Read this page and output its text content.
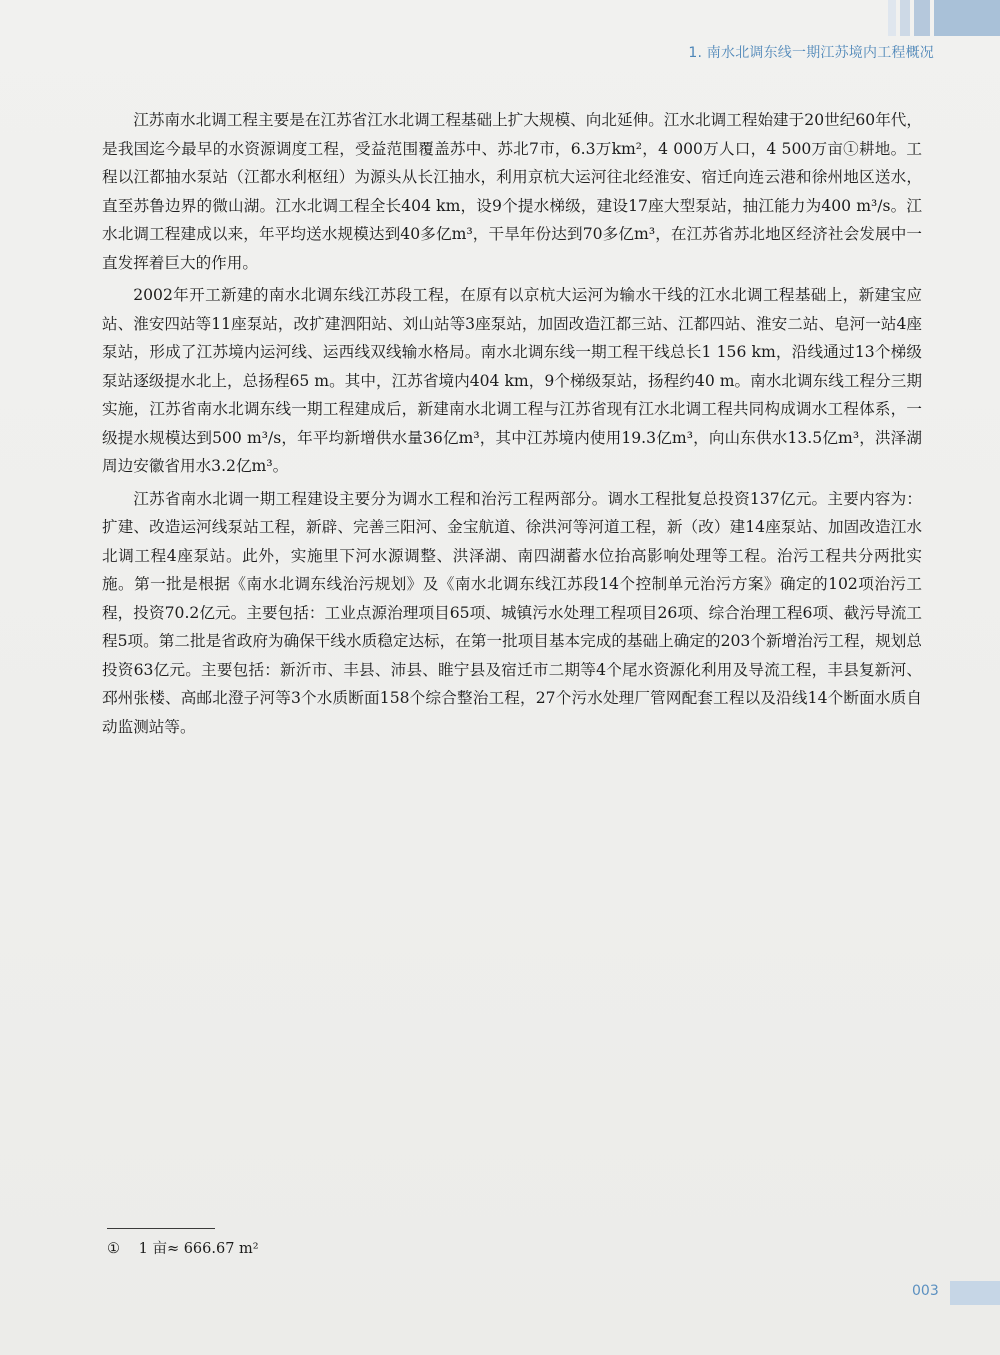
1. 南水北调东线一期江苏境内工程概况

江苏南水北调工程主要是在江苏省江水北调工程基础上扩大规模、向北延伸。江水北调工程始建于20世纪60年代，是我国迄今最早的水资源调度工程，受益范围覆盖苏中、苏北7市，6.3万km²，4 000万人口，4 500万亩①耕地。工程以江都抽水泵站（江都水利枢纽）为源头从长江抽水，利用京杭大运河往北经淮安、宿迁向连云港和徐州地区送水，直至苏鲁边界的微山湖。江水北调工程全长404 km，设9个提水梯级，建设17座大型泵站，抽江能力为400 m³/s。江水北调工程建成以来，年平均送水规模达到40多亿m³，干旱年份达到70多亿m³，在江苏省苏北地区经济社会发展中一直发挥着巨大的作用。

2002年开工新建的南水北调东线江苏段工程，在原有以京杭大运河为输水干线的江水北调工程基础上，新建宝应站、淮安四站等11座泵站，改扩建泗阳站、刘山站等3座泵站，加固改造江都三站、江都四站、淮安二站、皂河一站4座泵站，形成了江苏境内运河线、运西线双线输水格局。南水北调东线一期工程干线总长1 156 km，沿线通过13个梯级泵站逐级提水北上，总扬程65 m。其中，江苏省境内404 km，9个梯级泵站，扬程约40 m。南水北调东线工程分三期实施，江苏省南水北调东线一期工程建成后，新建南水北调工程与江苏省现有江水北调工程共同构成调水工程体系，一级提水规模达到500 m³/s，年平均新增供水量36亿m³，其中江苏境内使用19.3亿m³，向山东供水13.5亿m³，洪泽湖周边安徽省用水3.2亿m³。

江苏省南水北调一期工程建设主要分为调水工程和治污工程两部分。调水工程批复总投资137亿元。主要内容为：扩建、改造运河线泵站工程，新辟、完善三阳河、金宝航道、徐洪河等河道工程，新（改）建14座泵站、加固改造江水北调工程4座泵站。此外，实施里下河水源调整、洪泽湖、南四湖蓄水位抬高影响处理等工程。治污工程共分两批实施。第一批是根据《南水北调东线治污规划》及《南水北调东线江苏段14个控制单元治污方案》确定的102项治污工程，投资70.2亿元。主要包括：工业点源治理项目65项、城镇污水处理工程项目26项、综合治理工程6项、截污导流工程5项。第二批是省政府为确保干线水质稳定达标，在第一批项目基本完成的基础上确定的203个新增治污工程，规划总投资63亿元。主要包括：新沂市、丰县、沛县、睢宁县及宿迁市二期等4个尾水资源化利用及导流工程，丰县复新河、邳州张楼、高邮北澄子河等3个水质断面158个综合整治工程，27个污水处理厂管网配套工程以及沿线14个断面水质自动监测站等。

① 1 亩≈ 666.67 m²
003
